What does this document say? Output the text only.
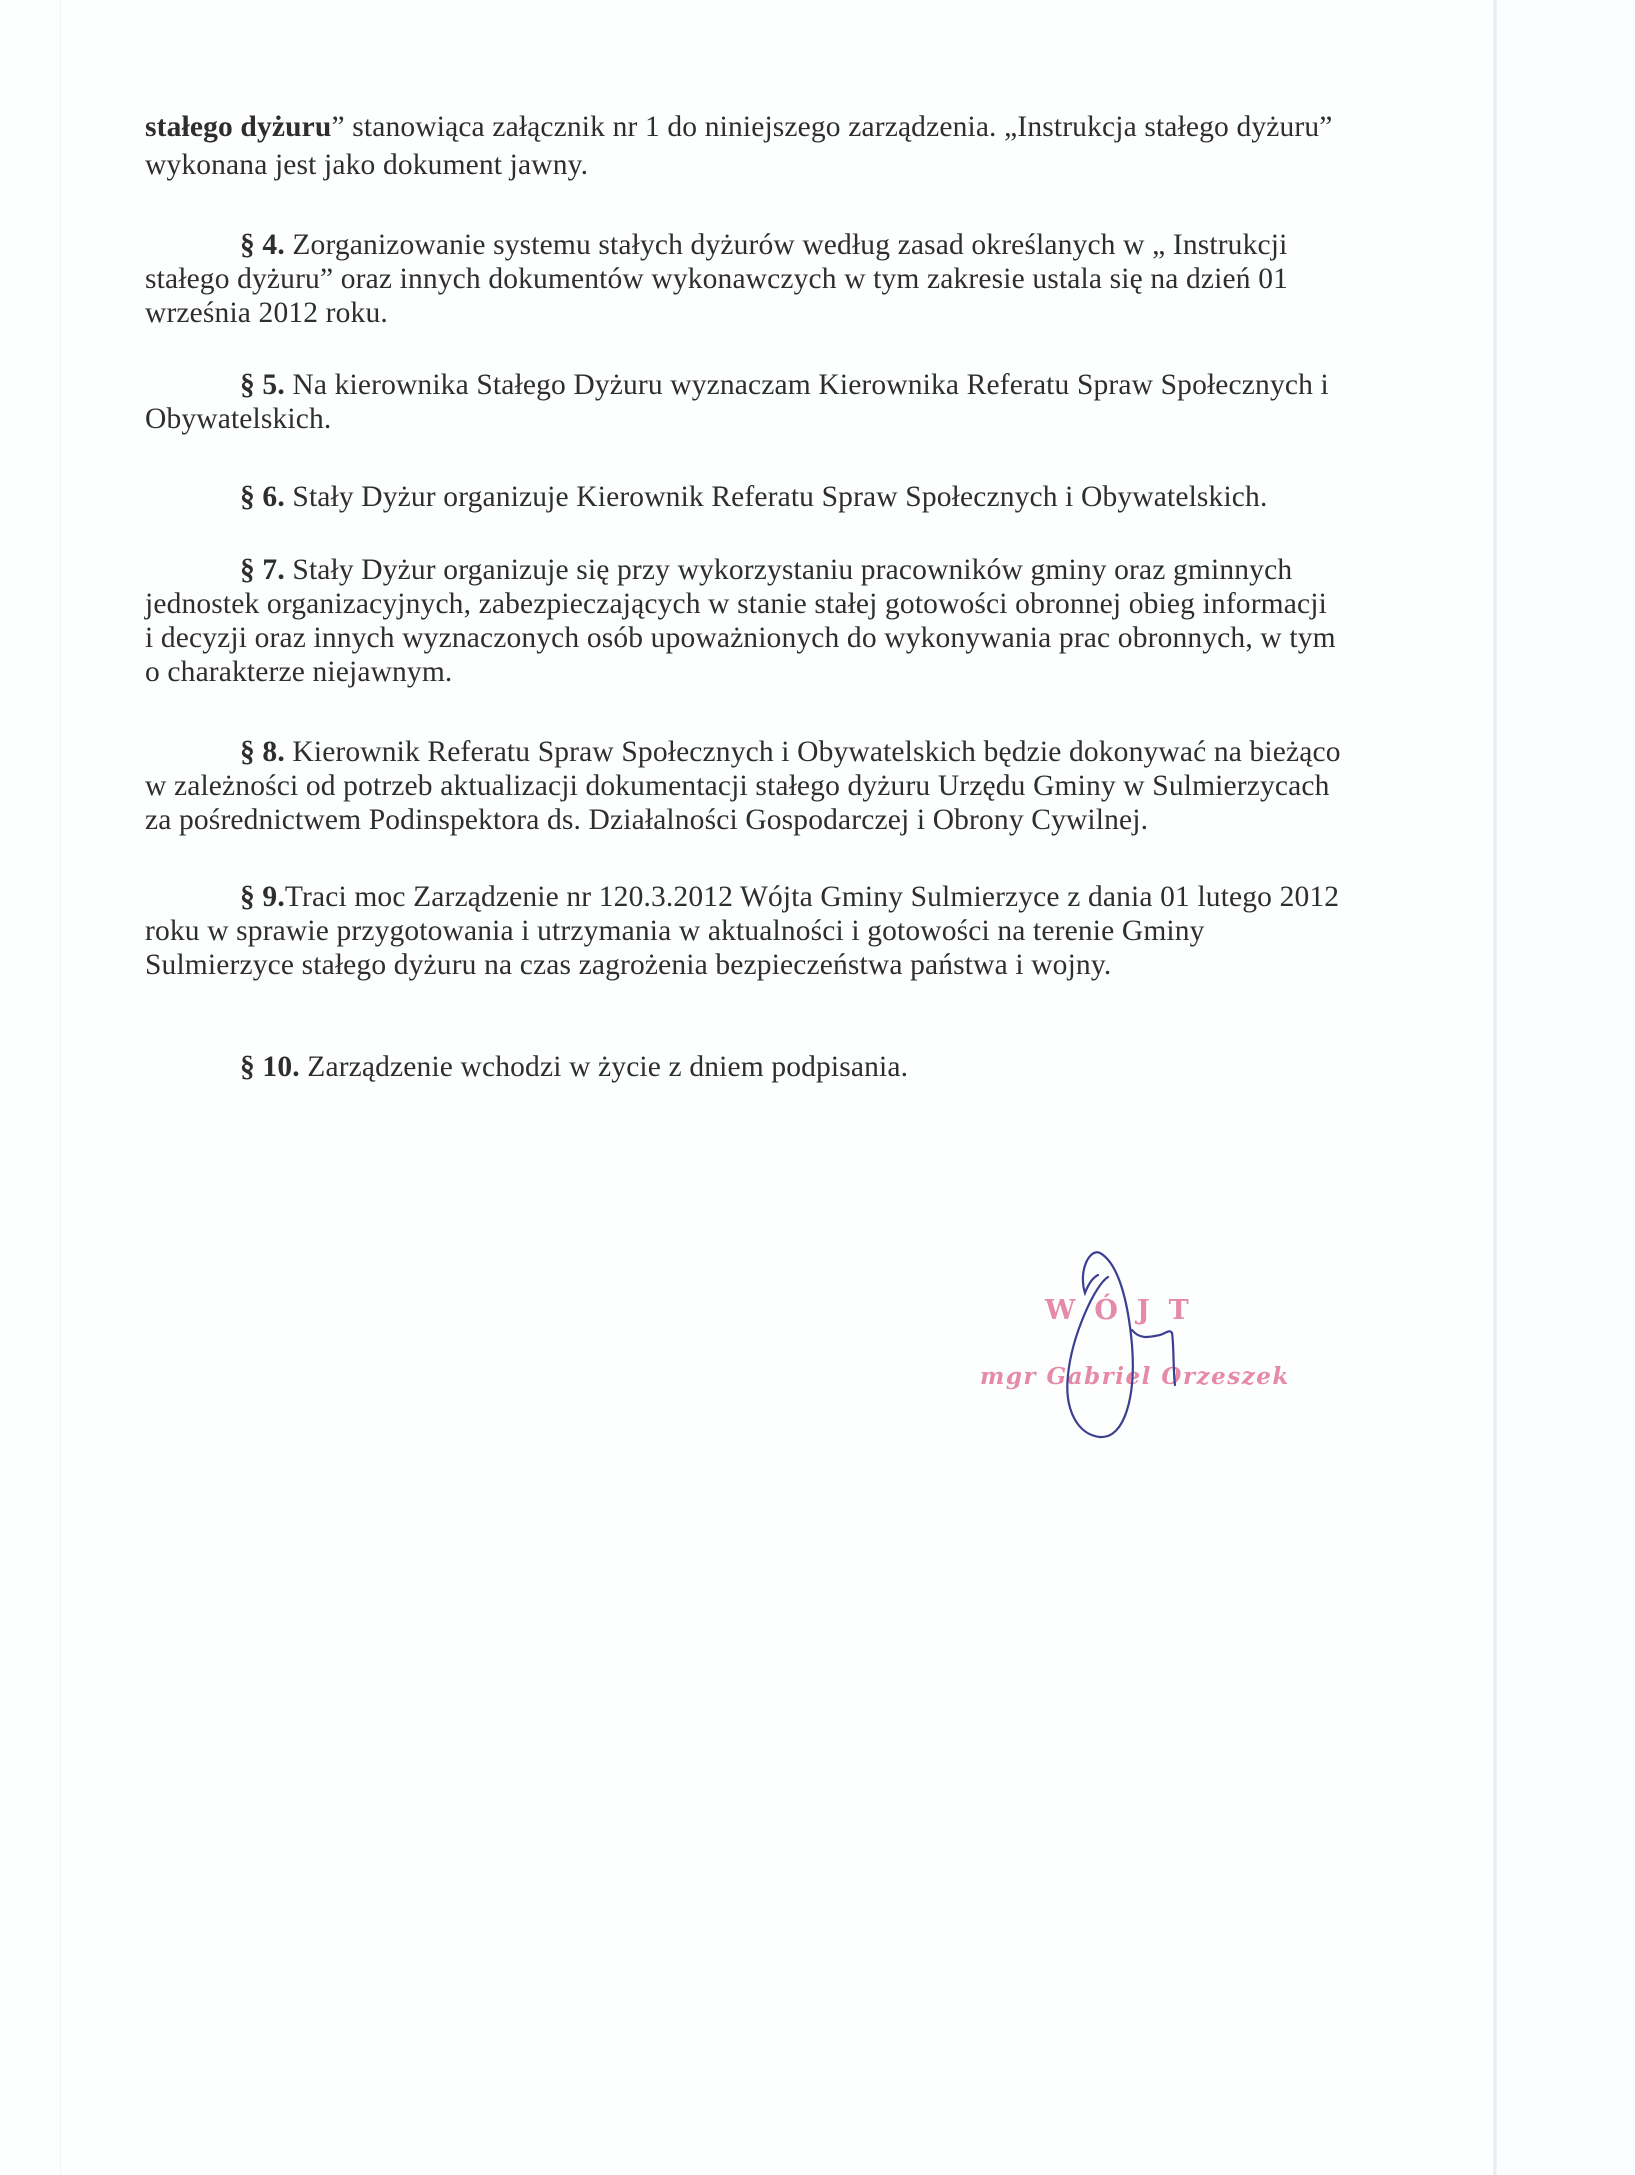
stałego dyżuru” stanowiąca załącznik nr 1 do niniejszego zarządzenia. „Instrukcja stałego dyżuru”
wykonana jest jako dokument jawny.
§ 4. Zorganizowanie systemu stałych dyżurów według zasad określanych w „ Instrukcji
stałego dyżuru” oraz innych dokumentów wykonawczych w tym zakresie ustala się na dzień 01
września 2012 roku.
§ 5. Na kierownika Stałego Dyżuru wyznaczam Kierownika Referatu Spraw Społecznych i
Obywatelskich.
§ 6. Stały Dyżur organizuje Kierownik Referatu Spraw Społecznych i Obywatelskich.
§ 7. Stały Dyżur organizuje się przy wykorzystaniu pracowników gminy oraz gminnych
jednostek organizacyjnych, zabezpieczających w stanie stałej gotowości obronnej obieg informacji
i decyzji oraz innych wyznaczonych osób upoważnionych do wykonywania prac obronnych, w tym
o charakterze niejawnym.
§ 8. Kierownik Referatu Spraw Społecznych i Obywatelskich będzie dokonywać na bieżąco
w zależności od potrzeb aktualizacji dokumentacji stałego dyżuru Urzędu Gminy w Sulmierzycach
za pośrednictwem Podinspektora ds. Działalności Gospodarczej i Obrony Cywilnej.
§ 9.Traci moc Zarządzenie nr 120.3.2012 Wójta Gminy Sulmierzyce z dania 01 lutego 2012
roku w sprawie przygotowania i utrzymania w aktualności i gotowości na terenie Gminy
Sulmierzyce stałego dyżuru na czas zagrożenia bezpieczeństwa państwa i wojny.
§ 10. Zarządzenie wchodzi w życie z dniem podpisania.
WÓJT
mgr Gabriel Orzeszek
